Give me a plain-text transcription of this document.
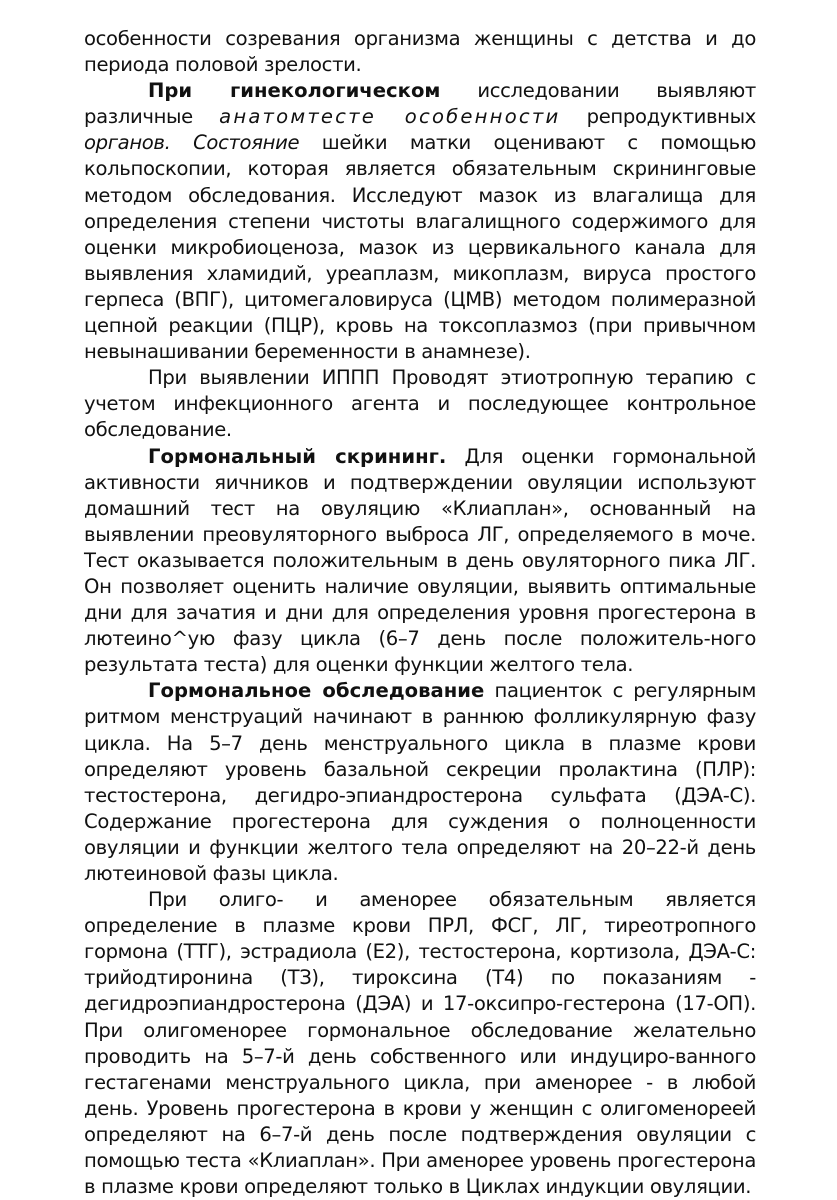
особенности созревания организма женщины с детства и до периода половой зрелости.

При гинекологическом исследовании выявляют различные анатомтесте особенности репродуктивных органов. Состояние шейки матки оценивают с помощью кольпоскопии, которая является обязательным скрининговые методом обследования. Исследуют мазок из влагалища для определения степени чистоты влагалищного содержимого для оценки микробиоценоза, мазок из цервикального канала для выявления хламидий, уреаплазм, микоплазм, вируса простого герпеса (ВПГ), цитомегаловируса (ЦМВ) методом полимеразной цепной реакции (ПЦР), кровь на токсоплазмоз (при привычном невынашивании беременности в анамнезе).

При выявлении ИППП Проводят этиотропную терапию с учетом инфекционного агента и последующее контрольное обследование.

Гормональный скрининг. Для оценки гормональной активности яичников и подтверждении овуляции используют домашний тест на овуляцию «Клиаплан», основанный на выявлении преовуляторного выброса ЛГ, определяемого в моче. Тест оказывается положительным в день овуляторного пика ЛГ. Он позволяет оценить наличие овуляции, выявить оптимальные дни для зачатия и дни для определения уровня прогестерона в лютеино^ую фазу цикла (6–7 день после положитель-ного результата теста) для оценки функции желтого тела.

Гормональное обследование пациенток с регулярным ритмом менструаций начинают в раннюю фолликулярную фазу цикла. На 5–7 день менструального цикла в плазме крови определяют уровень базальной секреции пролактина (ПЛР): тестостерона, дегидро-эпиандростерона сульфата (ДЭА-С). Содержание прогестерона для суждения о полноценности овуляции и функции желтого тела определяют на 20–22-й день лютеиновой фазы цикла.

При олиго- и аменорее обязательным является определение в плазме крови ПРЛ, ФСГ, ЛГ, тиреотропного гормона (ТТГ), эстрадиола (Е2), тестостерона, кортизола, ДЭА-С: трийодтиронина (ТЗ), тироксина (Т4) по показаниям - дегидроэпиандростерона (ДЭА) и 17-оксипро-гестерона (17-ОП). При олигоменорее гормональное обследование желательно проводить на 5–7-й день собственного или индуциро-ванного гестагенами менструального цикла, при аменорее - в любой день. Уровень прогестерона в крови у женщин с олигоменореей определяют на 6–7-й день после подтверждения овуляции с помощью теста «Клиаплан». При аменорее уровень прогестерона в плазме крови определяют только в Циклах индукции овуляции.
